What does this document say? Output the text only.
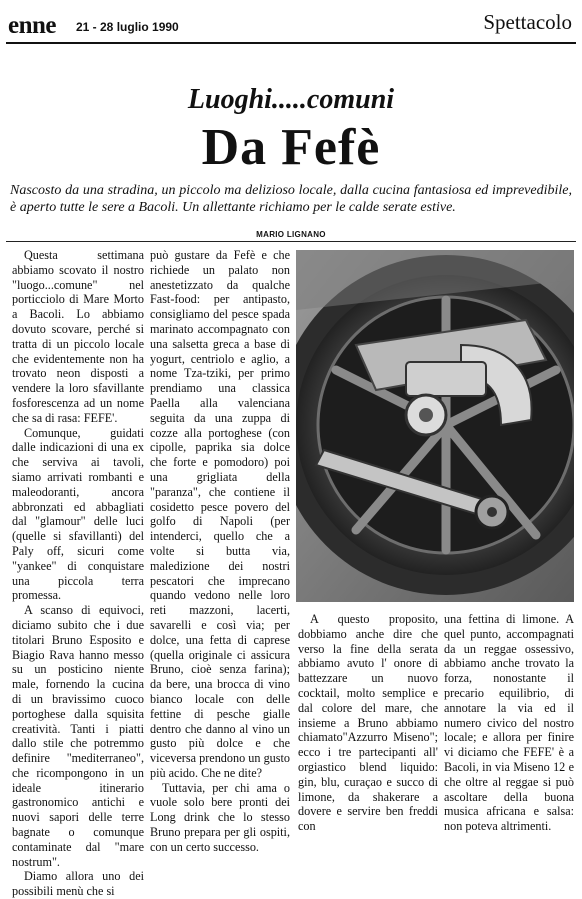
enne 21 - 28 luglio 1990	Spettacolo
Luoghi.....comuni
Da Fefè
Nascosto da una stradina, un piccolo ma delizioso locale, dalla cucina fantasiosa ed imprevedibile, è aperto tutte le sere a Bacoli. Un allettante richiamo per le calde serate estive.
MARIO LIGNANO

Questa settimana abbiamo scovato il nostro "luogo...comune" nel porticciolo di Mare Morto a Bacoli. Lo abbiamo dovuto scovare, perché si tratta di un piccolo locale che evidentemente non ha trovato neon disposti a vendere la loro sfavillante fosforescenza ad un nome che sa di rasa: FEFE'.

Comunque, guidati dalle indicazioni di una ex che serviva ai tavoli, siamo arrivati rombanti e maleodoranti, ancora abbronzati ed abbagliati dal "glamour" delle luci (quelle si sfavillanti) del Paly off, sicuri come "yankee" di conquistare una piccola terra promessa.

A scanso di equivoci, diciamo subito che i due titolari Bruno Esposito e Biagio Rava hanno messo su un posticino niente male, fornendo la cucina di un bravissimo cuoco portoghese dalla squisita creatività. Tanti i piatti dallo stile che potremmo definire "mediterraneo", che ricompongono in un ideale itinerario gastronomico antichi e nuovi sapori delle terre bagnate o comunque contaminate dal "mare nostrum".

Diamo allora uno dei possibili menù che si

può gustare da Fefè e che richiede un palato non anestetizzato da qualche Fast-food: per antipasto, consigliamo del pesce spada marinato accompagnato con una salsetta greca a base di yogurt, centriolo e aglio, a nome Tza-tziki, per primo prendiamo una classica Paella alla valenciana seguita da una zuppa di cozze alla portoghese (con cipolle, paprika sia dolce che forte e pomodoro) poi una grigliata della "paranza", che contiene il cosidetto pesce povero del golfo di Napoli (per intenderci, quello che a volte si butta via, maledizione dei nostri pescatori che imprecano quando vedono nelle loro reti mazzoni, lacerti, savarelli e così via; per dolce, una fetta di caprese (quella originale ci assicura Bruno, cioè senza farina); da bere, una brocca di vino bianco locale con delle fettine di pesche gialle dentro che danno al vino un gusto più dolce e che viceversa prendono un gusto più acido. Che ne dite?

Tuttavia, per chi ama o vuole solo bere pronti dei Long drink che lo stesso Bruno prepara per gli ospiti, con un certo successo.

A questo proposito, dobbiamo anche dire che verso la fine della serata abbiamo avuto l' onore di battezzare un nuovo cocktail, molto semplice e dal colore del mare, che insieme a Bruno abbiamo chiamato"Azzurro Miseno"; ecco i tre partecipanti all' orgiastico blend liquido: gin, blu, curaçao e succo di limone, da shakerare a dovere e servire ben freddi con

una fettina di limone. A quel punto, accompagnati da un reggae ossessivo, abbiamo anche trovato la forza, nonostante il precario equilibrio, di annotare la via ed il numero civico del nostro locale; e allora per finire vi diciamo che FEFE' è a Bacoli, in via Miseno 12 e che oltre al reggae si può ascoltare della buona musica africana e salsa: non poteva altrimenti.
